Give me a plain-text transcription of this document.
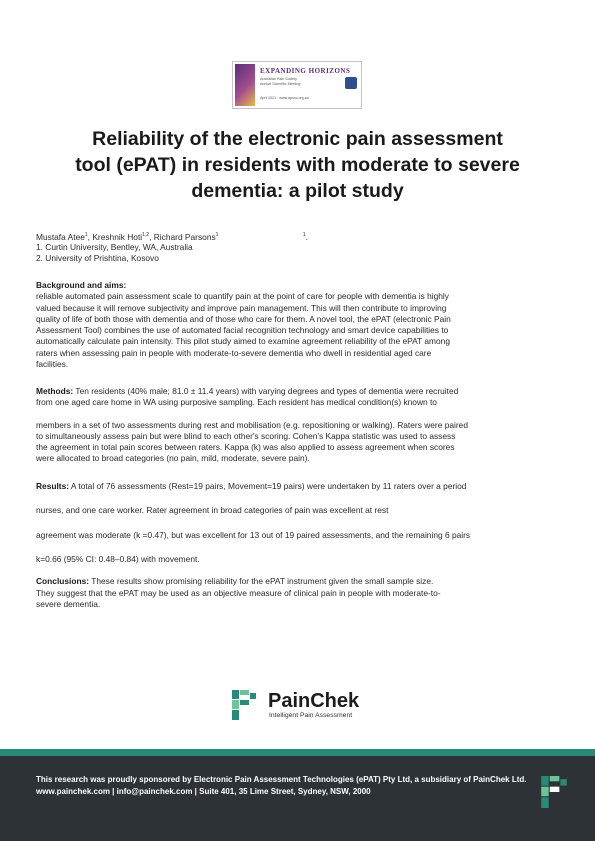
EXPANDING HORIZONS
Australian Pain Society
Annual Scientific Meeting
April 2021 · www.apsoc.org.au
Reliability of the electronic pain assessment
tool (ePAT) in residents with moderate to severe
dementia: a pilot study
Mustafa Atee$^1$, Kreshnik Hoti$^{1,2}$, Richard Parsons$^1$	$^1$.
1. Curtin University, Bentley, WA, Australia
2. University of Prishtina, Kosovo
Background and aims:
reliable automated pain assessment scale to quantify pain at the point of care for people with dementia is highly
valued because it will remove subjectivity and improve pain management. This will then contribute to improving
quality of life of both those with dementia and of those who care for them. A novel tool, the ePAT (electronic Pain
Assessment Tool) combines the use of automated facial recognition technology and smart device capabilities to
automatically calculate pain intensity. This pilot study aimed to examine agreement reliability of the ePAT among
raters when assessing pain in people with moderate-to-severe dementia who dwell in residential aged care
facilities.
Methods: Ten residents (40% male; 81.0 ± 11.4 years) with varying degrees and types of dementia were recruited
from one aged care home in WA using purposive sampling. Each resident has medical condition(s) known to
members in a set of two assessments during rest and mobilisation (e.g. repositioning or walking). Raters were paired
to simultaneously assess pain but were blind to each other's scoring. Cohen's Kappa statistic was used to assess
the agreement in total pain scores between raters. Kappa (k) was also applied to assess agreement when scores
were allocated to broad categories (no pain, mild, moderate, severe pain).
Results: A total of 76 assessments (Rest=19 pairs, Movement=19 pairs) were undertaken by 11 raters over a period
nurses, and one care worker. Rater agreement in broad categories of pain was excellent at rest
agreement was moderate (k =0.47), but was excellent for 13 out of 19 paired assessments, and the remaining 6 pairs
k=0.66 (95% CI: 0.48–0.84) with movement.
Conclusions: These results show promising reliability for the ePAT instrument given the small sample size.
They suggest that the ePAT may be used as an objective measure of clinical pain in people with moderate-to-
severe dementia.
PainChek
Intelligent Pain Assessment
This research was proudly sponsored by Electronic Pain Assessment Technologies (ePAT) Pty Ltd, a subsidiary of PainChek Ltd.
www.painchek.com | info@painchek.com | Suite 401, 35 Lime Street, Sydney, NSW, 2000
